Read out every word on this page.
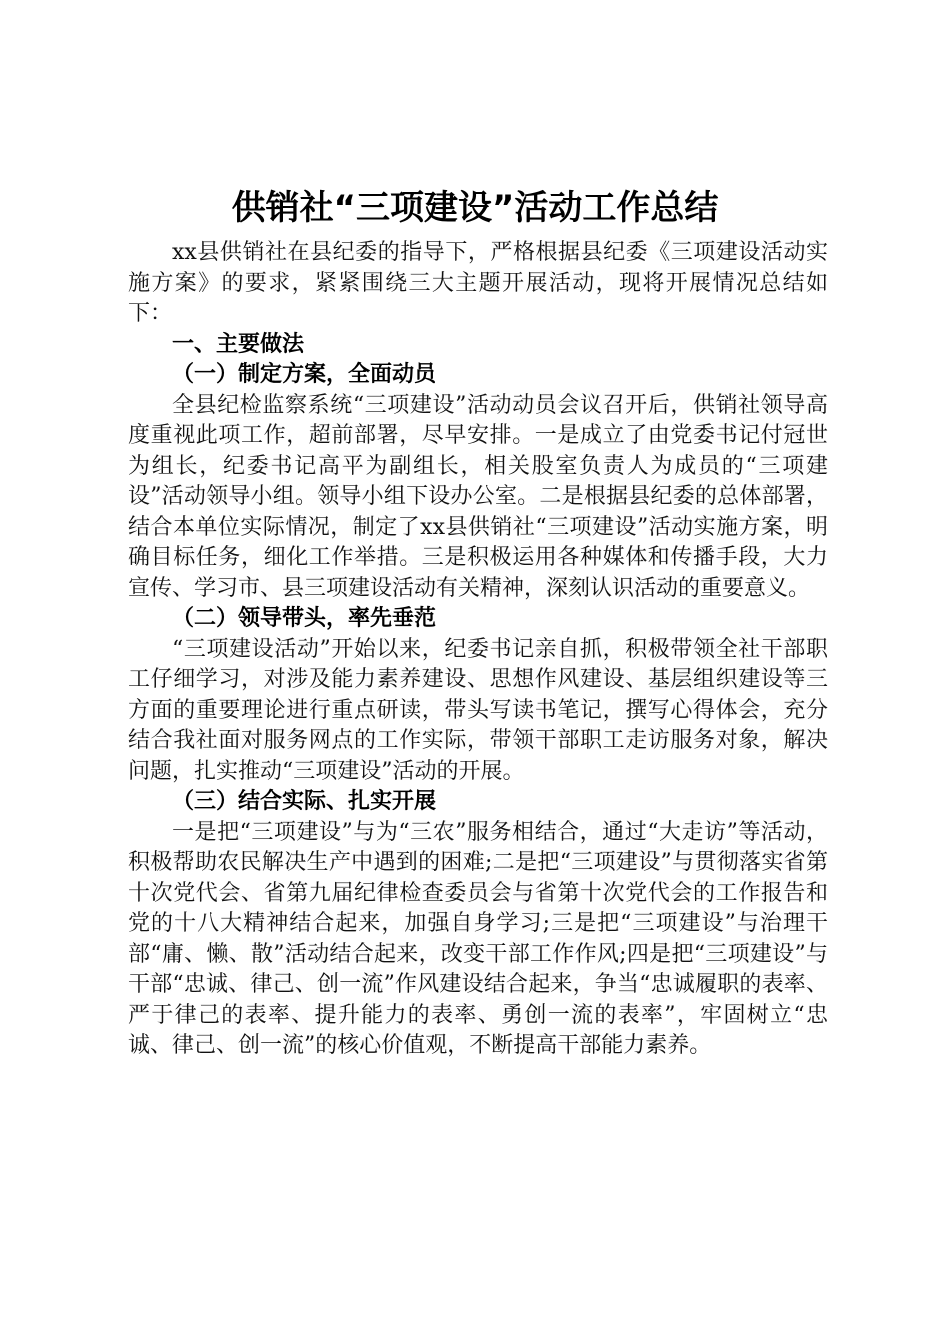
供销社“三项建设”活动工作总结

xx县供销社在县纪委的指导下，严格根据县纪委《三项建设活动实施方案》的要求，紧紧围绕三大主题开展活动，现将开展情况总结如下：

一、主要做法

（一）制定方案，全面动员

全县纪检监察系统“三项建设”活动动员会议召开后，供销社领导高度重视此项工作，超前部署，尽早安排。一是成立了由党委书记付冠世为组长，纪委书记高平为副组长，相关股室负责人为成员的“三项建设”活动领导小组。领导小组下设办公室。二是根据县纪委的总体部署，结合本单位实际情况，制定了xx县供销社“三项建设”活动实施方案，明确目标任务，细化工作举措。三是积极运用各种媒体和传播手段，大力宣传、学习市、县三项建设活动有关精神，深刻认识活动的重要意义。

（二）领导带头，率先垂范

“三项建设活动”开始以来，纪委书记亲自抓，积极带领全社干部职工仔细学习，对涉及能力素养建设、思想作风建设、基层组织建设等三方面的重要理论进行重点研读，带头写读书笔记，撰写心得体会，充分结合我社面对服务网点的工作实际，带领干部职工走访服务对象，解决问题，扎实推动“三项建设”活动的开展。

（三）结合实际、扎实开展

一是把“三项建设”与为“三农”服务相结合，通过“大走访”等活动，积极帮助农民解决生产中遇到的困难;二是把“三项建设”与贯彻落实省第十次党代会、省第九届纪律检查委员会与省第十次党代会的工作报告和党的十八大精神结合起来，加强自身学习;三是把“三项建设”与治理干部“庸、懒、散”活动结合起来，改变干部工作作风;四是把“三项建设”与干部“忠诚、律己、创一流”作风建设结合起来，争当“忠诚履职的表率、严于律己的表率、提升能力的表率、勇创一流的表率”，牢固树立“忠诚、律己、创一流”的核心价值观，不断提高干部能力素养。
